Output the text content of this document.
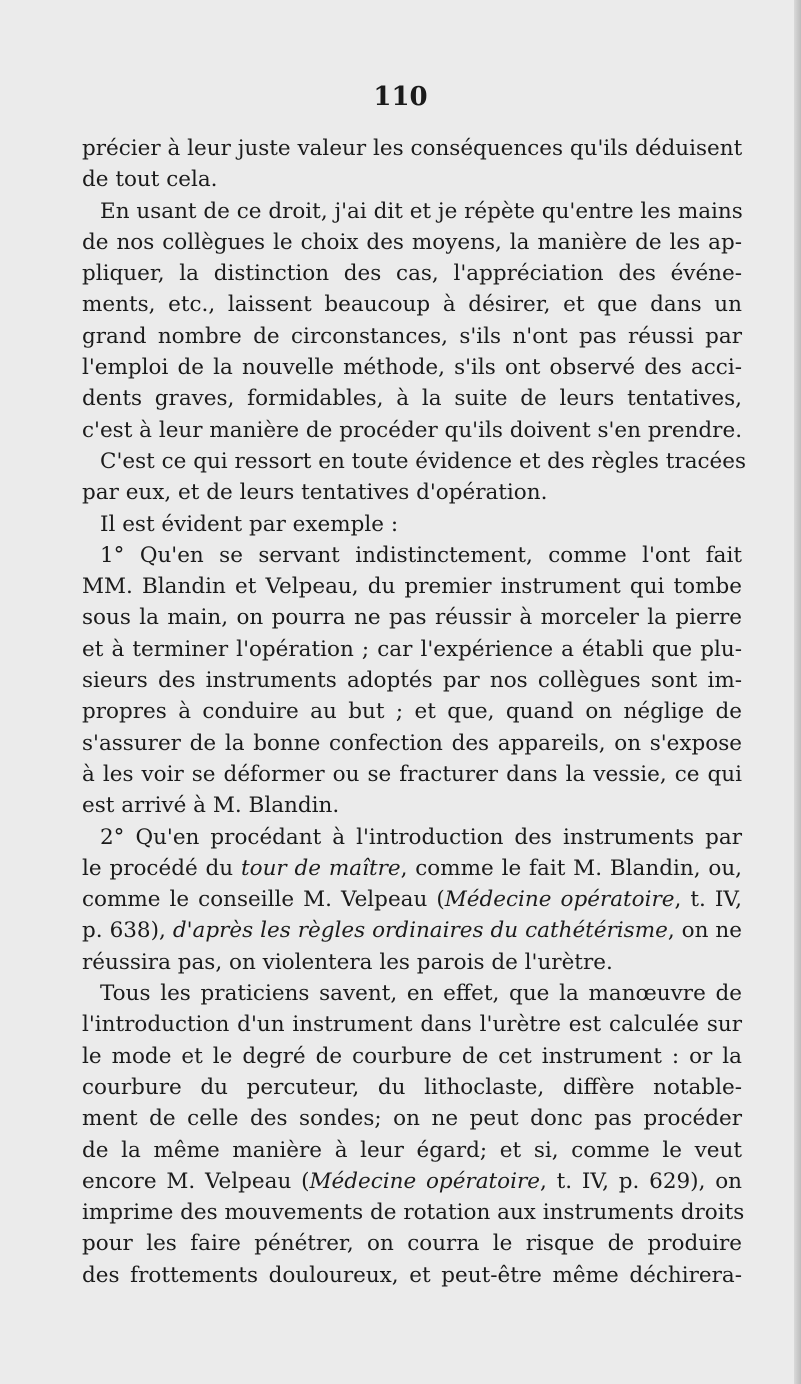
110
précier à leur juste valeur les conséquences qu'ils déduisent
de tout cela.
En usant de ce droit, j'ai dit et je répète qu'entre les mains
de nos collègues le choix des moyens, la manière de les ap-
pliquer, la distinction des cas, l'appréciation des événe-
ments, etc., laissent beaucoup à désirer, et que dans un
grand nombre de circonstances, s'ils n'ont pas réussi par
l'emploi de la nouvelle méthode, s'ils ont observé des acci-
dents graves, formidables, à la suite de leurs tentatives,
c'est à leur manière de procéder qu'ils doivent s'en prendre.
C'est ce qui ressort en toute évidence et des règles tracées
par eux, et de leurs tentatives d'opération.
Il est évident par exemple :
1° Qu'en se servant indistinctement, comme l'ont fait
MM. Blandin et Velpeau, du premier instrument qui tombe
sous la main, on pourra ne pas réussir à morceler la pierre
et à terminer l'opération ; car l'expérience a établi que plu-
sieurs des instruments adoptés par nos collègues sont im-
propres à conduire au but ; et que, quand on néglige de
s'assurer de la bonne confection des appareils, on s'expose
à les voir se déformer ou se fracturer dans la vessie, ce qui
est arrivé à M. Blandin.
2° Qu'en procédant à l'introduction des instruments par
le procédé du tour de maître, comme le fait M. Blandin, ou,
comme le conseille M. Velpeau (Médecine opératoire, t. IV,
p. 638), d'après les règles ordinaires du cathétérisme, on ne
réussira pas, on violentera les parois de l'urètre.
Tous les praticiens savent, en effet, que la manœuvre de
l'introduction d'un instrument dans l'urètre est calculée sur
le mode et le degré de courbure de cet instrument : or la
courbure du percuteur, du lithoclaste, diffère notable-
ment de celle des sondes; on ne peut donc pas procéder
de la même manière à leur égard; et si, comme le veut
encore M. Velpeau (Médecine opératoire, t. IV, p. 629), on
imprime des mouvements de rotation aux instruments droits
pour les faire pénétrer, on courra le risque de produire
des frottements douloureux, et peut-être même déchirera-
